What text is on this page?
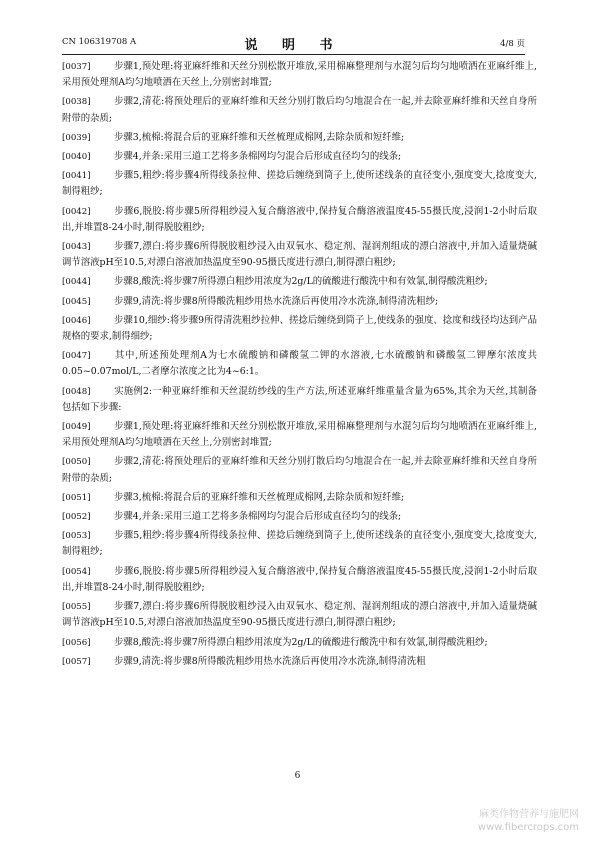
CN 106319708 A	说 明 书	4/8 页

[0037] 步骤1,预处理:将亚麻纤维和天丝分别松散开堆放,采用棉麻整理剂与水混匀后均匀地喷洒在亚麻纤维上,采用预处理剂A均匀地喷洒在天丝上,分别密封堆置;

[0038] 步骤2,清花:将预处理后的亚麻纤维和天丝分别打散后均匀地混合在一起,并去除亚麻纤维和天丝自身所附带的杂质;

[0039] 步骤3,梳棉:将混合后的亚麻纤维和天丝梳理成棉网,去除杂质和短纤维;

[0040] 步骤4,并条:采用三道工艺将多条棉网均匀混合后形成直径均匀的线条;

[0041] 步骤5,粗纱:将步骤4所得线条拉伸、搓捻后缠绕到筒子上,使所述线条的直径变小,强度变大,捻度变大,制得粗纱;

[0042] 步骤6,脱胶:将步骤5所得粗纱浸入复合酶溶液中,保持复合酶溶液温度45-55摄氏度,浸润1-2小时后取出,并堆置8-24小时,制得脱胶粗纱;

[0043] 步骤7,漂白:将步骤6所得脱胶粗纱浸入由双氧水、稳定剂、湿润剂组成的漂白溶液中,并加入适量烧碱调节溶液pH至10.5,对漂白溶液加热温度至90-95摄氏度进行漂白,制得漂白粗纱;

[0044] 步骤8,酸洗:将步骤7所得漂白粗纱用浓度为2g/L的硫酸进行酸洗中和有效氯,制得酸洗粗纱;

[0045] 步骤9,清洗:将步骤8所得酸洗粗纱用热水洗涤后再使用冷水洗涤,制得清洗粗纱;

[0046] 步骤10,细纱:将步骤9所得清洗粗纱拉伸、搓捻后缠绕到筒子上,使线条的强度、捻度和线径均达到产品规格的要求,制得细纱;

[0047] 其中,所述预处理剂A为七水硫酸钠和磷酸氢二钾的水溶液,七水硫酸钠和磷酸氢二钾摩尔浓度共0.05~0.07mol/L,二者摩尔浓度之比为4~6:1。

[0048] 实施例2:一种亚麻纤维和天丝混纺纱线的生产方法,所述亚麻纤维重量含量为65%,其余为天丝,其制备包括如下步骤:

[0049] 步骤1,预处理:将亚麻纤维和天丝分别松散开堆放,采用棉麻整理剂与水混匀后均匀地喷洒在亚麻纤维上,采用预处理剂A均匀地喷洒在天丝上,分别密封堆置;

[0050] 步骤2,清花:将预处理后的亚麻纤维和天丝分别打散后均匀地混合在一起,并去除亚麻纤维和天丝自身所附带的杂质;

[0051] 步骤3,梳棉:将混合后的亚麻纤维和天丝梳理成棉网,去除杂质和短纤维;

[0052] 步骤4,并条:采用三道工艺将多条棉网均匀混合后形成直径均匀的线条;

[0053] 步骤5,粗纱:将步骤4所得线条拉伸、搓捻后缠绕到筒子上,使所述线条的直径变小,强度变大,捻度变大,制得粗纱;

[0054] 步骤6,脱胶:将步骤5所得粗纱浸入复合酶溶液中,保持复合酶溶液温度45-55摄氏度,浸润1-2小时后取出,并堆置8-24小时,制得脱胶粗纱;

[0055] 步骤7,漂白:将步骤6所得脱胶粗纱浸入由双氧水、稳定剂、湿润剂组成的漂白溶液中,并加入适量烧碱调节溶液pH至10.5,对漂白溶液加热温度至90-95摄氏度进行漂白,制得漂白粗纱;

[0056] 步骤8,酸洗:将步骤7所得漂白粗纱用浓度为2g/L的硫酸进行酸洗中和有效氯,制得酸洗粗纱;

[0057] 步骤9,清洗:将步骤8所得酸洗粗纱用热水洗涤后再使用冷水洗涤,制得清洗粗

6
麻类作物营养与施肥网
www.fibercrops.com
